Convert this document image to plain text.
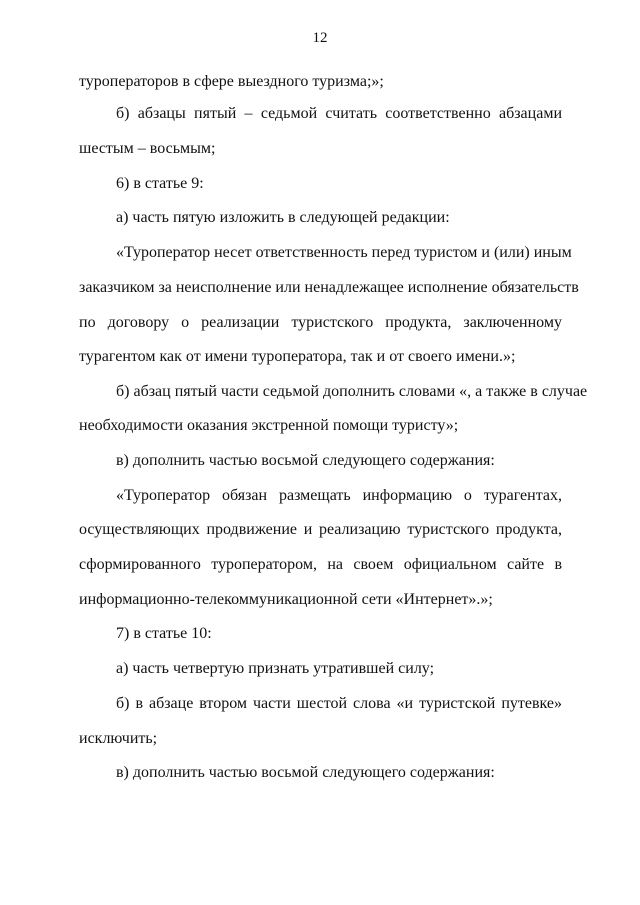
12
туроператоров в сфере выездного туризма;»;
б) абзацы пятый – седьмой считать соответственно абзацами
шестым – восьмым;
6) в статье 9:
а) часть пятую изложить в следующей редакции:
«Туроператор несет ответственность перед туристом и (или) иным
заказчиком за неисполнение или ненадлежащее исполнение обязательств
по договору о реализации туристского продукта, заключенному
турагентом как от имени туроператора, так и от своего имени.»;
б) абзац пятый части седьмой дополнить словами «, а также в случае
необходимости оказания экстренной помощи туристу»;
в) дополнить частью восьмой следующего содержания:
«Туроператор обязан размещать информацию о турагентах,
осуществляющих продвижение и реализацию туристского продукта,
сформированного туроператором, на своем официальном сайте в
информационно-телекоммуникационной сети «Интернет».»;
7) в статье 10:
а) часть четвертую признать утратившей силу;
б) в абзаце втором части шестой слова «и туристской путевке»
исключить;
в) дополнить частью восьмой следующего содержания:
